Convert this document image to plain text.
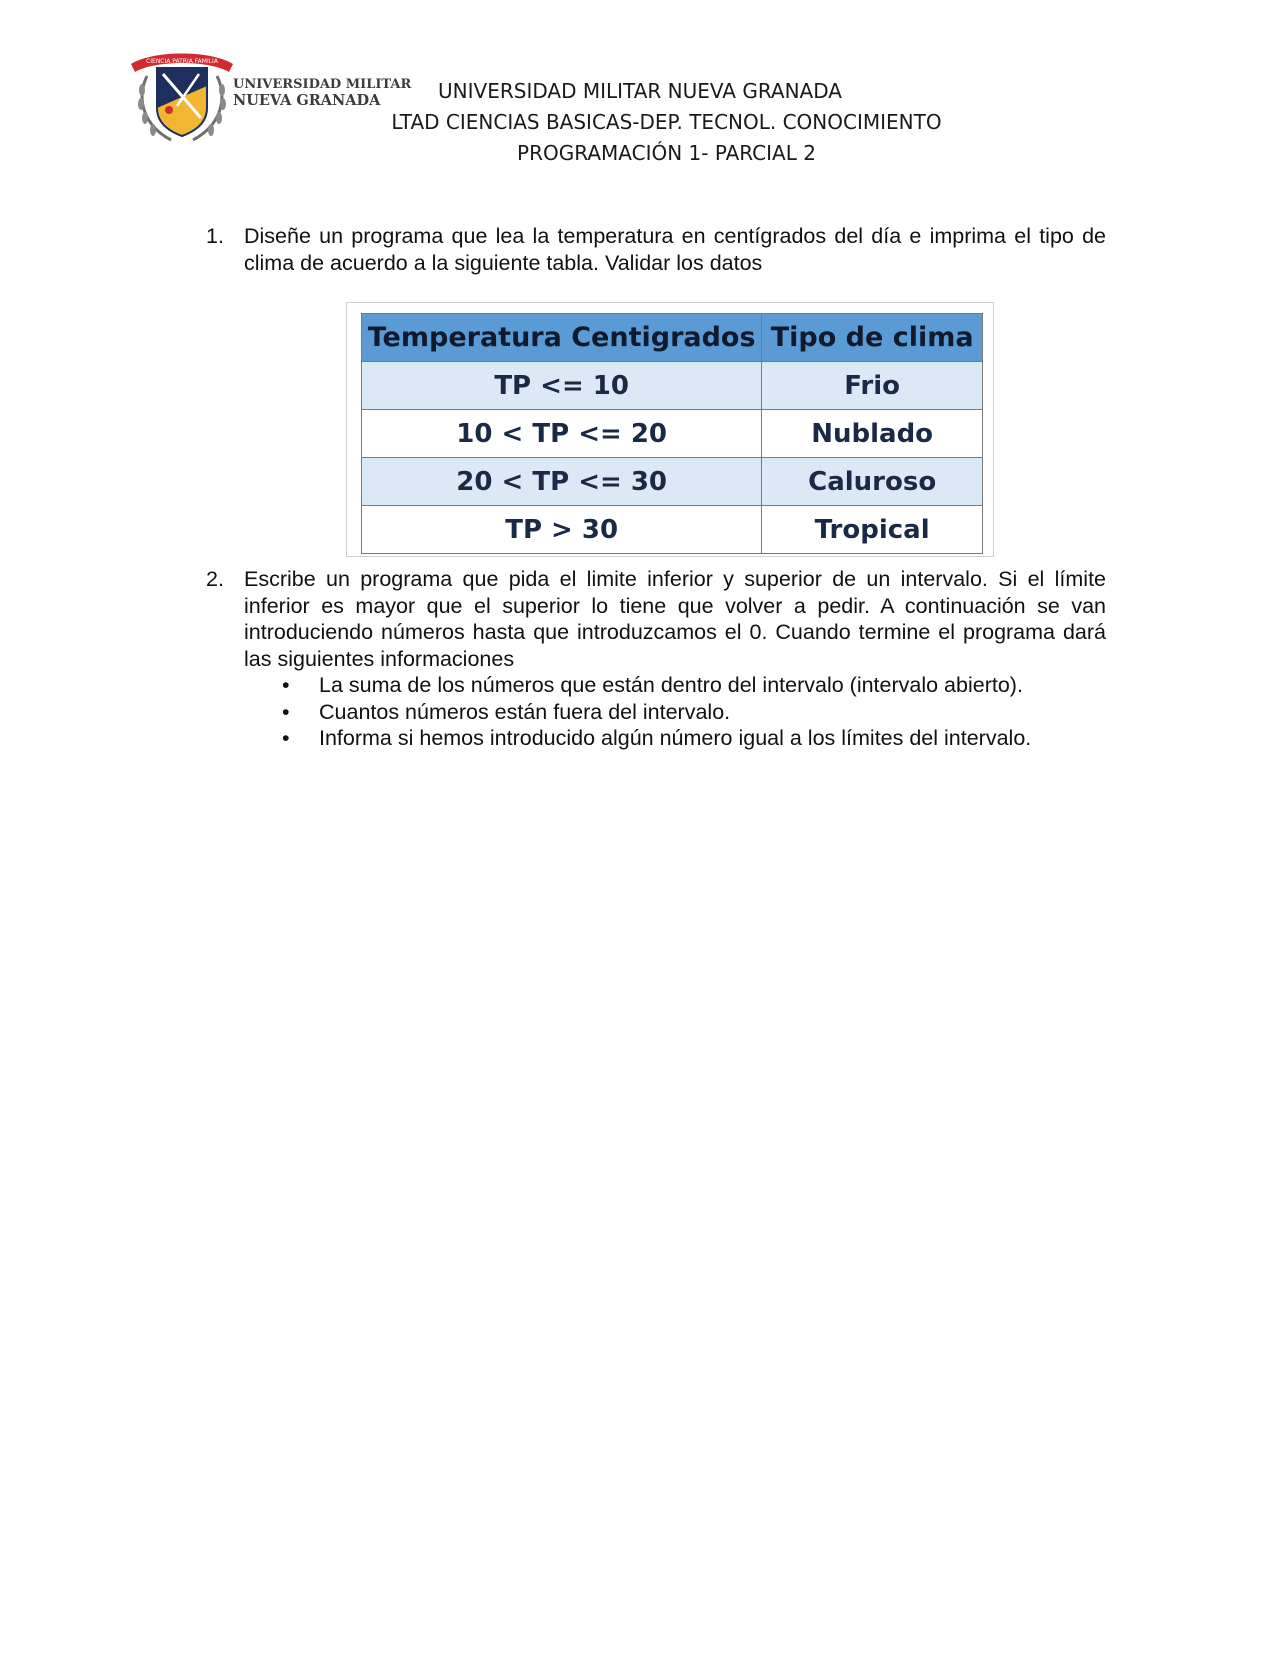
CIENCIA PATRIA FAMILIA
UNIVERSIDAD MILITAR
NUEVA GRANADA	UNIVERSIDAD MILITAR NUEVA GRANADA
LTAD CIENCIAS BASICAS-DEP. TECNOL. CONOCIMIENTO
PROGRAMACIÓN 1- PARCIAL 2
1. Diseñe un programa que lea la temperatura en centígrados del día e imprima el tipo de clima de acuerdo a la siguiente tabla. Validar los datos
Temperatura Centigrados	Tipo de clima
TP <= 10	Frio
10 < TP <= 20	Nublado
20 < TP <= 30	Caluroso
TP > 30	Tropical
2. Escribe un programa que pida el limite inferior y superior de un intervalo. Si el límite inferior es mayor que el superior lo tiene que volver a pedir. A continuación se van introduciendo números hasta que introduzcamos el 0. Cuando termine el programa dará las siguientes informaciones
• La suma de los números que están dentro del intervalo (intervalo abierto).
• Cuantos números están fuera del intervalo.
• Informa si hemos introducido algún número igual a los límites del intervalo.
